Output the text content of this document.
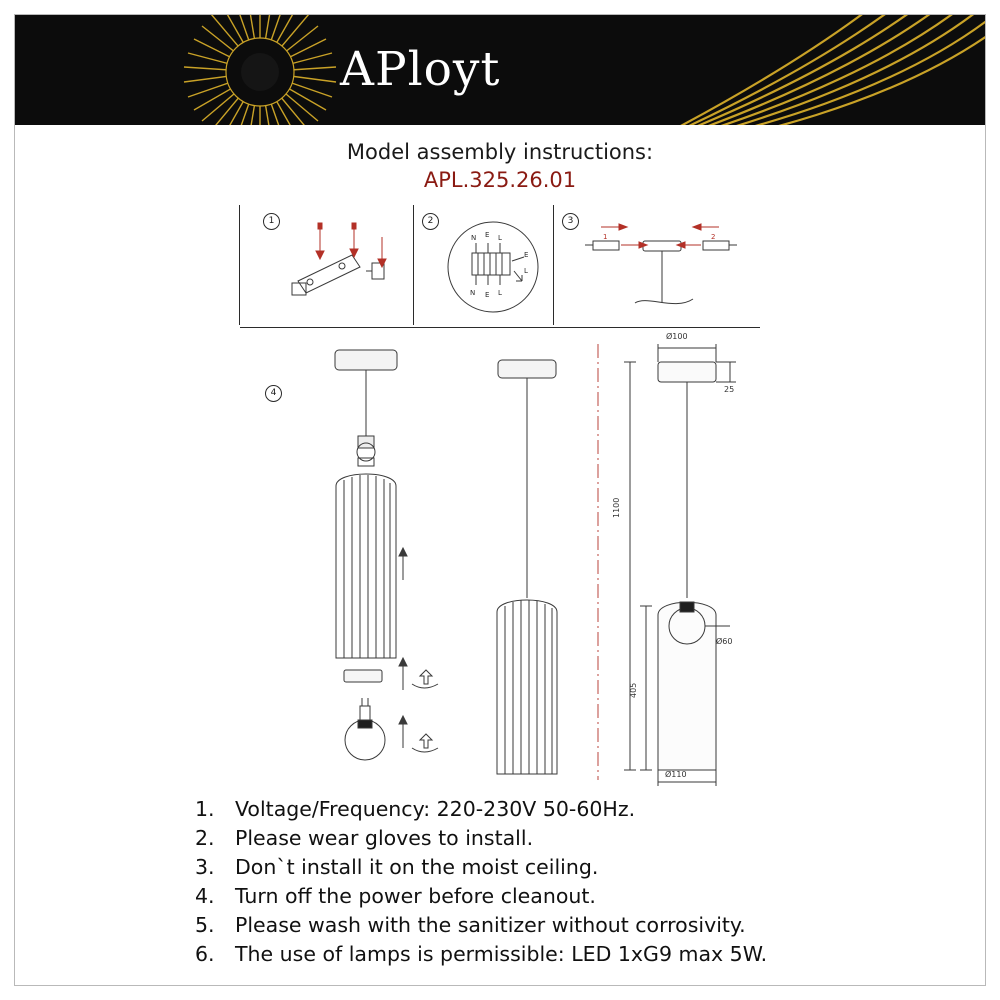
APloyt
Model assembly instructions:
APL.325.26.01
1	2	3
N E L
N E L
E
L
1	2
4
Ø100
25
1100
405
Ø60
Ø110
1. Voltage/Frequency: 220-230V 50-60Hz.
2. Please wear gloves to install.
3. Don`t install it on the moist ceiling.
4. Turn off the power before cleanout.
5. Please wash with the sanitizer without corrosivity.
6. The use of lamps is permissible: LED 1xG9 max 5W.
